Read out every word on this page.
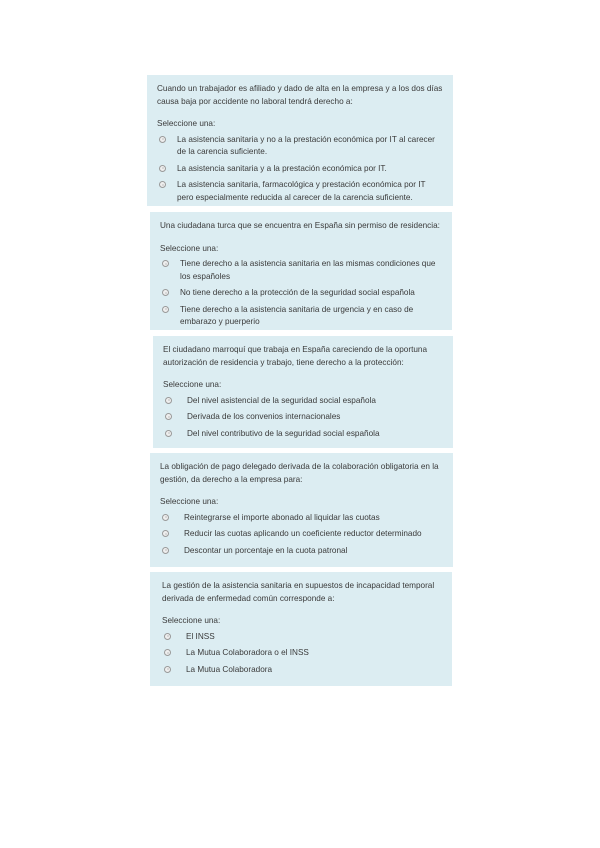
Cuando un trabajador es afiliado y dado de alta en la empresa y a los dos días causa baja por accidente no laboral tendrá derecho a:

Seleccione una:

La asistencia sanitaria y no a la prestación económica por IT al carecer de la carencia suficiente.
La asistencia sanitaria y a la prestación económica por IT.
La asistencia sanitaria, farmacológica y prestación económica por IT pero especialmente reducida al carecer de la carencia suficiente.

Una ciudadana turca que se encuentra en España sin permiso de residencia:

Seleccione una:

Tiene derecho a la asistencia sanitaria en las mismas condiciones que los españoles
No tiene derecho a la protección de la seguridad social española
Tiene derecho a la asistencia sanitaria de urgencia y en caso de embarazo y puerperio

El ciudadano marroquí que trabaja en España careciendo de la oportuna autorización de residencia y trabajo, tiene derecho a la protección:

Seleccione una:

Del nivel asistencial de la seguridad social española
Derivada de los convenios internacionales
Del nivel contributivo de la seguridad social española

La obligación de pago delegado derivada de la colaboración obligatoria en la gestión, da derecho a la empresa para:

Seleccione una:

Reintegrarse el importe abonado al liquidar las cuotas
Reducir las cuotas aplicando un coeficiente reductor determinado
Descontar un porcentaje en la cuota patronal

La gestión de la asistencia sanitaria en supuestos de incapacidad temporal derivada de enfermedad común corresponde a:

Seleccione una:

El INSS
La Mutua Colaboradora o el INSS
La Mutua Colaboradora
